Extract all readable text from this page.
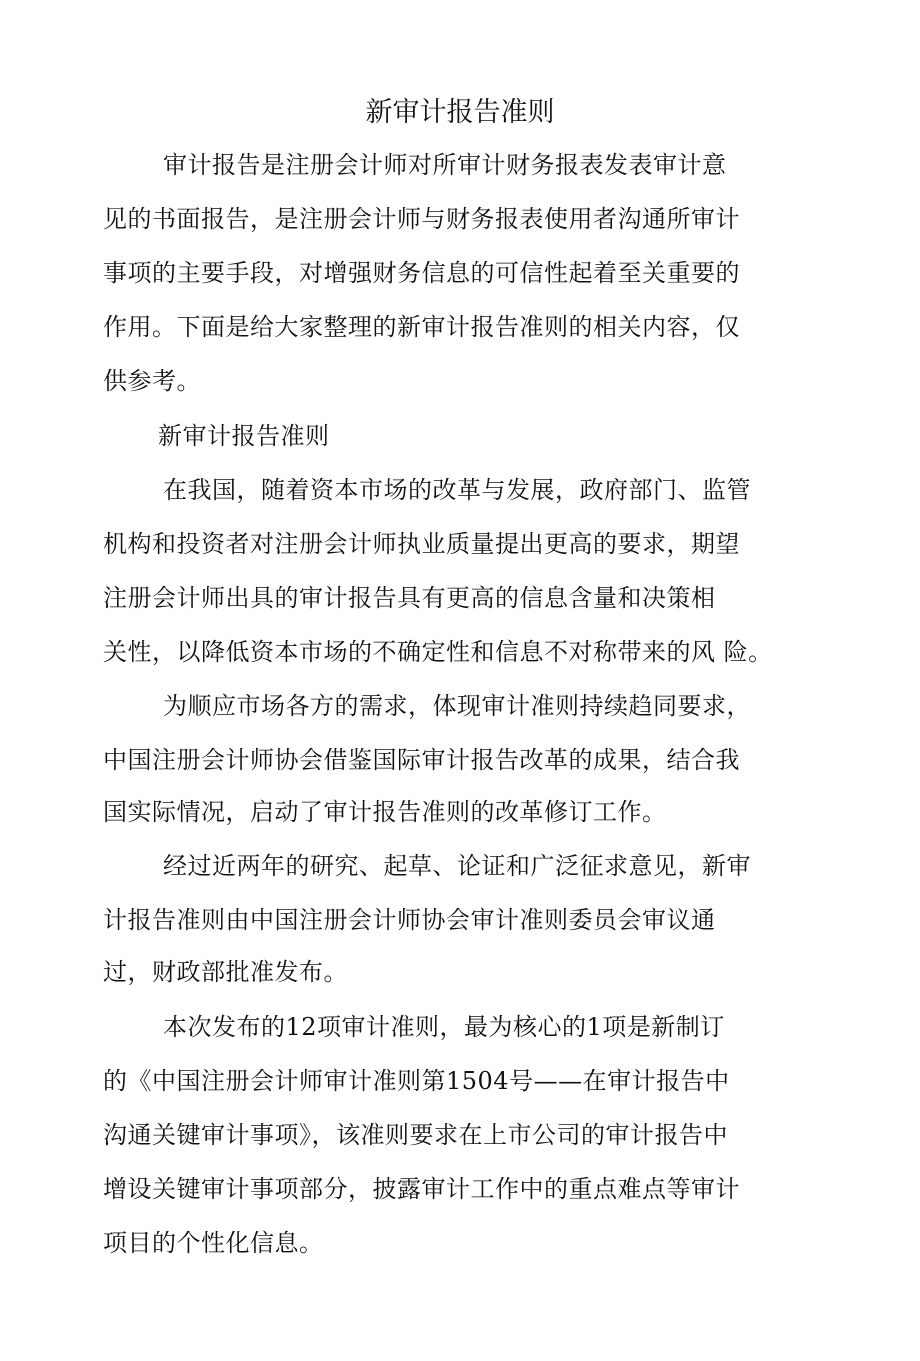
新审计报告准则
审计报告是注册会计师对所审计财务报表发表审计意
见的书面报告，是注册会计师与财务报表使用者沟通所审计
事项的主要手段，对增强财务信息的可信性起着至关重要的
作用。下面是给大家整理的新审计报告准则的相关内容，仅
供参考。
新审计报告准则
在我国，随着资本市场的改革与发展，政府部门、监管
机构和投资者对注册会计师执业质量提出更高的要求，期望
注册会计师出具的审计报告具有更高的信息含量和决策相
关性，以降低资本市场的不确定性和信息不对称带来的风 险。
为顺应市场各方的需求，体现审计准则持续趋同要求，
中国注册会计师协会借鉴国际审计报告改革的成果，结合我
国实际情况，启动了审计报告准则的改革修订工作。
经过近两年的研究、起草、论证和广泛征求意见，新审
计报告准则由中国注册会计师协会审计准则委员会审议通
过，财政部批准发布。
本次发布的12项审计准则，最为核心的1项是新制订
的《中国注册会计师审计准则第1504号——在审计报告中
沟通关键审计事项》，该准则要求在上市公司的审计报告中
增设关键审计事项部分，披露审计工作中的重点难点等审计
项目的个性化信息。
